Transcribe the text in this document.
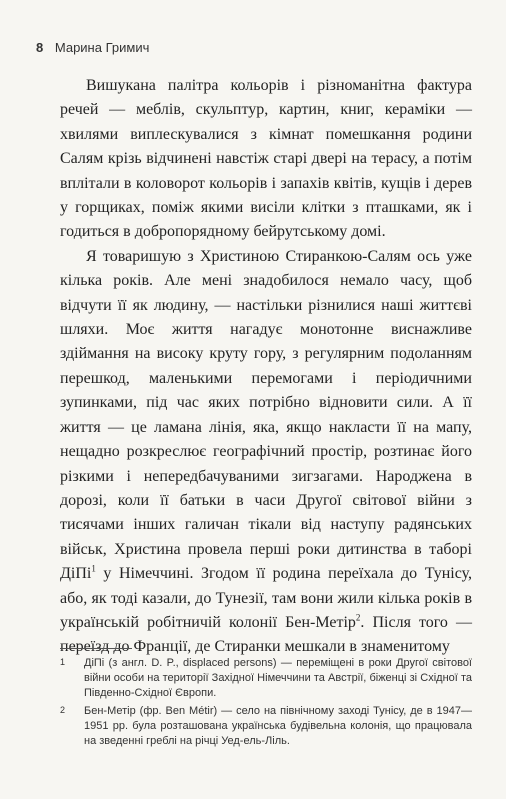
8 Марина Гримич

Вишукана палітра кольорів і різноманітна фактура речей — меблів, скульптур, картин, книг, кераміки — хвилями виплескувалися з кімнат помешкання родини Салям крізь відчинені навстіж старі двері на терасу, а потім вплітали в коловорот кольорів і запахів квітів, кущів і дерев у горщиках, поміж якими висіли клітки з пташками, як і годиться в добропорядному бейрутському домі.

Я товаришую з Христиною Стиранкою-Салям ось уже кілька років. Але мені знадобилося немало часу, щоб відчути її як людину, — настільки різнилися наші життєві шляхи. Моє життя нагадує монотонне виснажливе здіймання на високу круту гору, з регулярним подоланням перешкод, маленькими перемогами і періодичними зупинками, під час яких потрібно відновити сили. А її життя — це ламана лінія, яка, якщо накласти її на мапу, нещадно розкреслює географічний простір, розтинає його різкими і непередбачуваними зигзагами. Народжена в дорозі, коли її батьки в часи Другої світової війни з тисячами інших галичан тікали від наступу радянських військ, Христина провела перші роки дитинства в таборі ДіПі$^1$ у Німеччині. Згодом її родина переїхала до Тунісу, або, як тоді казали, до Тунезії, там вони жили кілька років в українській робітничій колонії Бен-Метір$^2$. Після того — переїзд до Франції, де Стиранки мешкали в знаменитому

1 ДіПі (з англ. D. P., displaced persons) — переміщені в роки Другої світової війни особи на території Західної Німеччини та Австрії, біженці зі Східної та Південно-Східної Європи.
2 Бен-Метір (фр. Ben Métir) — село на північному заході Тунісу, де в 1947—1951 рр. була розташована українська будівельна колонія, що працювала на зведенні греблі на річці Уед-ель-Ліль.
